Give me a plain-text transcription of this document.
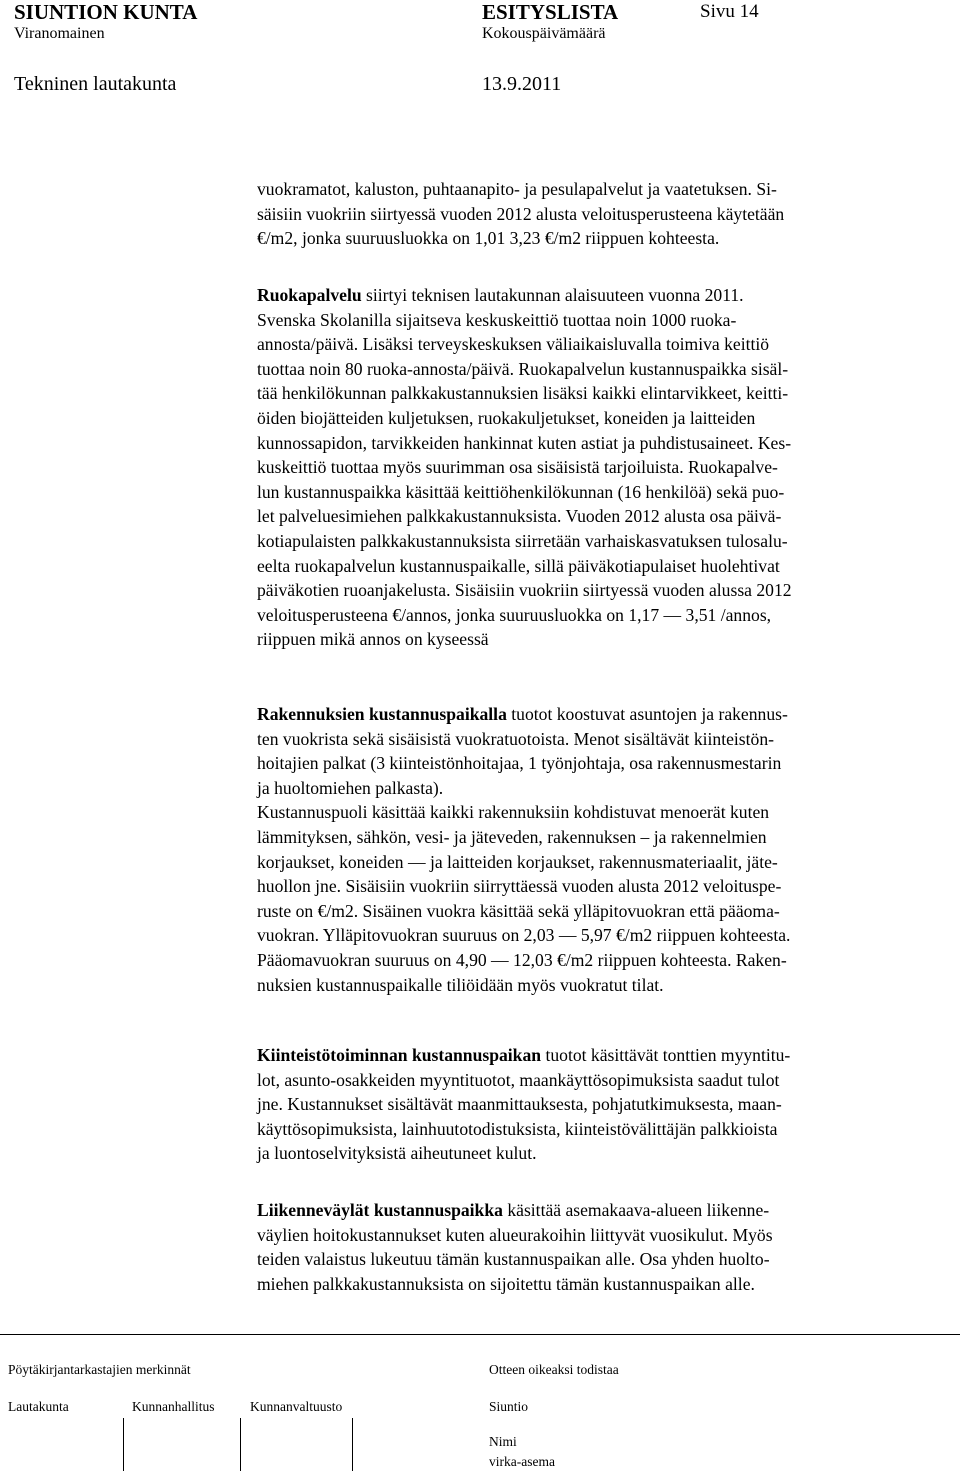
SIUNTION KUNTA	ESITYSLISTA	Sivu 14
Viranomainen	Kokouspäivämäärä
Tekninen lautakunta	13.9.2011
vuokramatot, kaluston, puhtaanapito- ja pesulapalvelut ja vaatetuksen. Si-
säisiin vuokriin siirtyessä vuoden 2012 alusta veloitusperusteena käytetään
€/m2, jonka suuruusluokka on 1,01 3,23 €/m2 riippuen kohteesta.
Ruokapalvelu siirtyi teknisen lautakunnan alaisuuteen vuonna 2011.
Svenska Skolanilla sijaitseva keskuskeittiö tuottaa noin 1000 ruoka-
annosta/päivä. Lisäksi terveyskeskuksen väliaikaisluvalla toimiva keittiö
tuottaa noin 80 ruoka-annosta/päivä. Ruokapalvelun kustannuspaikka sisäl-
tää henkilökunnan palkkakustannuksien lisäksi kaikki elintarvikkeet, keitti-
öiden biojätteiden kuljetuksen, ruokakuljetukset, koneiden ja laitteiden
kunnossapidon, tarvikkeiden hankinnat kuten astiat ja puhdistusaineet. Kes-
kuskeittiö tuottaa myös suurimman osa sisäisistä tarjoiluista. Ruokapalve-
lun kustannuspaikka käsittää keittiöhenkilökunnan (16 henkilöä) sekä puo-
let palveluesimiehen palkkakustannuksista. Vuoden 2012 alusta osa päivä-
kotiapulaisten palkkakustannuksista siirretään varhaiskasvatuksen tulosalu-
eelta ruokapalvelun kustannuspaikalle, sillä päiväkotiapulaiset huolehtivat
päiväkotien ruoanjakelusta. Sisäisiin vuokriin siirtyessä vuoden alussa 2012
veloitusperusteena €/annos, jonka suuruusluokka on 1,17 — 3,51 /annos,
riippuen mikä annos on kyseessä
Rakennuksien kustannuspaikalla tuotot koostuvat asuntojen ja rakennus-
ten vuokrista sekä sisäisistä vuokratuotoista. Menot sisältävät kiinteistön-
hoitajien palkat (3 kiinteistönhoitajaa, 1 työnjohtaja, osa rakennusmestarin
ja huoltomiehen palkasta).
Kustannuspuoli käsittää kaikki rakennuksiin kohdistuvat menoerät kuten
lämmityksen, sähkön, vesi- ja jäteveden, rakennuksen – ja rakennelmien
korjaukset, koneiden — ja laitteiden korjaukset, rakennusmateriaalit, jäte-
huollon jne. Sisäisiin vuokriin siirryttäessä vuoden alusta 2012 veloituspe-
ruste on €/m2. Sisäinen vuokra käsittää sekä ylläpitovuokran että pääoma-
vuokran. Ylläpitovuokran suuruus on 2,03 — 5,97 €/m2 riippuen kohteesta.
Pääomavuokran suuruus on 4,90 — 12,03 €/m2 riippuen kohteesta. Raken-
nuksien kustannuspaikalle tiliöidään myös vuokratut tilat.
Kiinteistötoiminnan kustannuspaikan tuotot käsittävät tonttien myyntitu-
lot, asunto-osakkeiden myyntituotot, maankäyttösopimuksista saadut tulot
jne. Kustannukset sisältävät maanmittauksesta, pohjatutkimuksesta, maan-
käyttösopimuksista, lainhuutotodistuksista, kiinteistövälittäjän palkkioista
ja luontoselvityksistä aiheutuneet kulut.
Liikenneväylät kustannuspaikka käsittää asemakaava-alueen liikenne-
väylien hoitokustannukset kuten alueurakoihin liittyvät vuosikulut. Myös
teiden valaistus lukeutuu tämän kustannuspaikan alle. Osa yhden huolto-
miehen palkkakustannuksista on sijoitettu tämän kustannuspaikan alle.
Pöytäkirjantarkastajien merkinnät	Otteen oikeaksi todistaa
Lautakunta	Kunnanhallitus	Kunnanvaltuusto	Siuntio
Nimi
virka-asema
